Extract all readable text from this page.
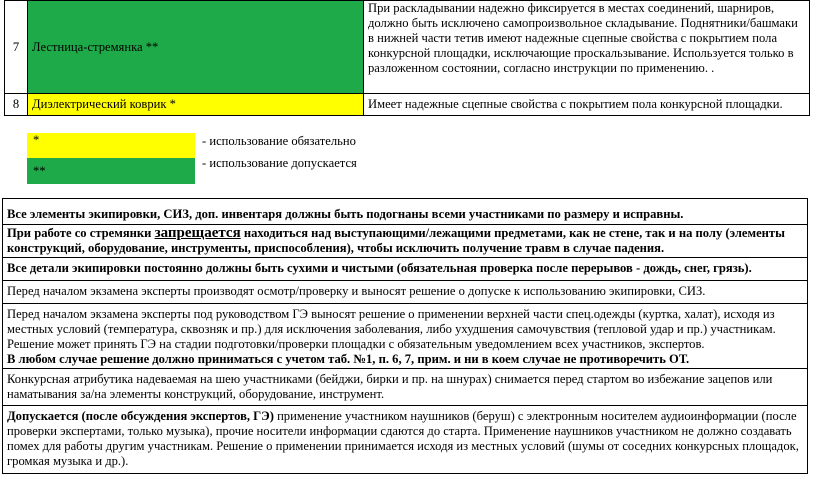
7	Лестница-стремянка **	При раскладывании надежно фиксируется в местах соединений, шарниров, должно быть исключено самопроизвольное складывание. Поднятники/башмаки в нижней части тетив имеют надежные сцепные свойства с покрытием пола конкурсной площадки, исключающие проскальзывание. Используется только в разложенном состоянии, согласно инструкции по применению. .
8	Диэлектрический коврик *	Имеет надежные сцепные свойства с покрытием пола конкурсной площадки.
*	- использование обязательно
**
- использование допускается
Все элементы экипировки, СИЗ, доп. инвентаря должны быть подогнаны всеми участниками по размеру и исправны.
При работе со стремянки запрещается находиться над выступающими/лежащими предметами, как не стене, так и на полу (элементы конструкций, оборудование, инструменты, приспособления), чтобы исключить получение травм в случае падения.
Все детали экипировки постоянно должны быть сухими и чистыми (обязательная проверка после перерывов - дождь, снег, грязь).
Перед началом экзамена эксперты производят осмотр/проверку и выносят решение о допуске к использованию экипировки, СИЗ.
Перед началом экзамена эксперты под руководством ГЭ выносят решение о применении верхней части спец.одежды (куртка, халат), исходя из местных условий (температура, сквозняк и пр.) для исключения заболевания, либо ухудшения самочувствия (тепловой удар и пр.) участникам. Решение может принять ГЭ на стадии подготовки/проверки площадки с обязательным уведомлением всех участников, экспертов.
В любом случае решение должно приниматься с учетом таб. №1, п. 6, 7, прим. и ни в коем случае не противоречить ОТ.
Конкурсная атрибутика надеваемая на шею участниками (бейджи, бирки и пр. на шнурах) снимается перед стартом во избежание зацепов или наматывания за/на элементы конструкций, оборудование, инструмент.
Допускается (после обсуждения экспертов, ГЭ) применение участником наушников (беруш) с электронным носителем аудиоинформации (после проверки экспертами, только музыка), прочие носители информации сдаются до старта. Применение наушников участником не должно создавать помех для работы другим участникам. Решение о применении принимается исходя из местных условий (шумы от соседних конкурсных площадок, громкая музыка и др.).
